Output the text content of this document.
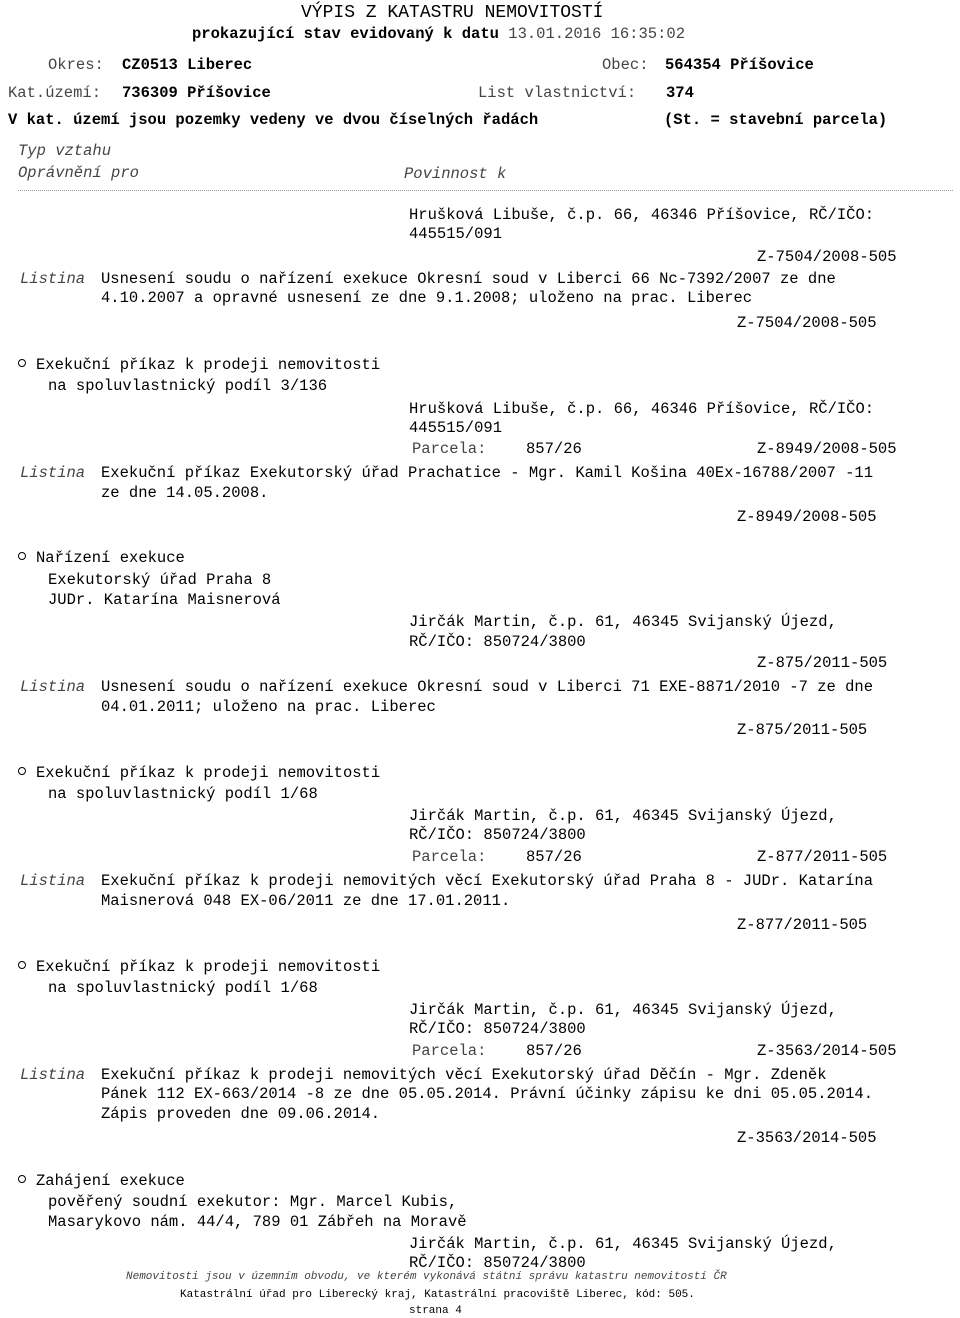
VÝPIS Z KATASTRU NEMOVITOSTÍ
prokazující stav evidovaný k datu 13.01.2016 16:35:02
Okres: CZ0513 Liberec	Obec: 564354 Příšovice
Kat.území: 736309 Příšovice	List vlastnictví: 374
V kat. území jsou pozemky vedeny ve dvou číselných řadách	(St. = stavební parcela)
Typ vztahu
Oprávnění pro	Povinnost k
Hrušková Libuše, č.p. 66, 46346 Příšovice, RČ/IČO:
445515/091
Z-7504/2008-505
Listina Usnesení soudu o nařízení exekuce Okresní soud v Liberci 66 Nc-7392/2007 ze dne
4.10.2007 a opravné usnesení ze dne 9.1.2008; uloženo na prac. Liberec
Z-7504/2008-505
Exekuční příkaz k prodeji nemovitosti
na spoluvlastnický podíl 3/136
Hrušková Libuše, č.p. 66, 46346 Příšovice, RČ/IČO:
445515/091
Parcela:	857/26	Z-8949/2008-505
Listina Exekuční příkaz Exekutorský úřad Prachatice - Mgr. Kamil Košina 40Ex-16788/2007 -11
ze dne 14.05.2008.
Z-8949/2008-505
Nařízení exekuce
Exekutorský úřad Praha 8
JUDr. Katarína Maisnerová
Jirčák Martin, č.p. 61, 46345 Svijanský Újezd,
RČ/IČO: 850724/3800
Z-875/2011-505
Listina Usnesení soudu o nařízení exekuce Okresní soud v Liberci 71 EXE-8871/2010 -7 ze dne
04.01.2011; uloženo na prac. Liberec
Z-875/2011-505
Exekuční příkaz k prodeji nemovitosti
na spoluvlastnický podíl 1/68
Jirčák Martin, č.p. 61, 46345 Svijanský Újezd,
RČ/IČO: 850724/3800
Parcela:	857/26	Z-877/2011-505
Listina Exekuční příkaz k prodeji nemovitých věcí Exekutorský úřad Praha 8 - JUDr. Katarína
Maisnerová 048 EX-06/2011 ze dne 17.01.2011.
Z-877/2011-505
Exekuční příkaz k prodeji nemovitosti
na spoluvlastnický podíl 1/68
Jirčák Martin, č.p. 61, 46345 Svijanský Újezd,
RČ/IČO: 850724/3800
Parcela:	857/26	Z-3563/2014-505
Listina Exekuční příkaz k prodeji nemovitých věcí Exekutorský úřad Děčín - Mgr. Zdeněk
Pánek 112 EX-663/2014 -8 ze dne 05.05.2014. Právní účinky zápisu ke dni 05.05.2014.
Zápis proveden dne 09.06.2014.
Z-3563/2014-505
Zahájení exekuce
pověřený soudní exekutor: Mgr. Marcel Kubis,
Masarykovo nám. 44/4, 789 01 Zábřeh na Moravě
Jirčák Martin, č.p. 61, 46345 Svijanský Újezd,
RČ/IČO: 850724/3800
Nemovitosti jsou v územním obvodu, ve kterém vykonává státní správu katastru nemovitostí ČR
Katastrální úřad pro Liberecký kraj, Katastrální pracoviště Liberec, kód: 505.
strana 4
